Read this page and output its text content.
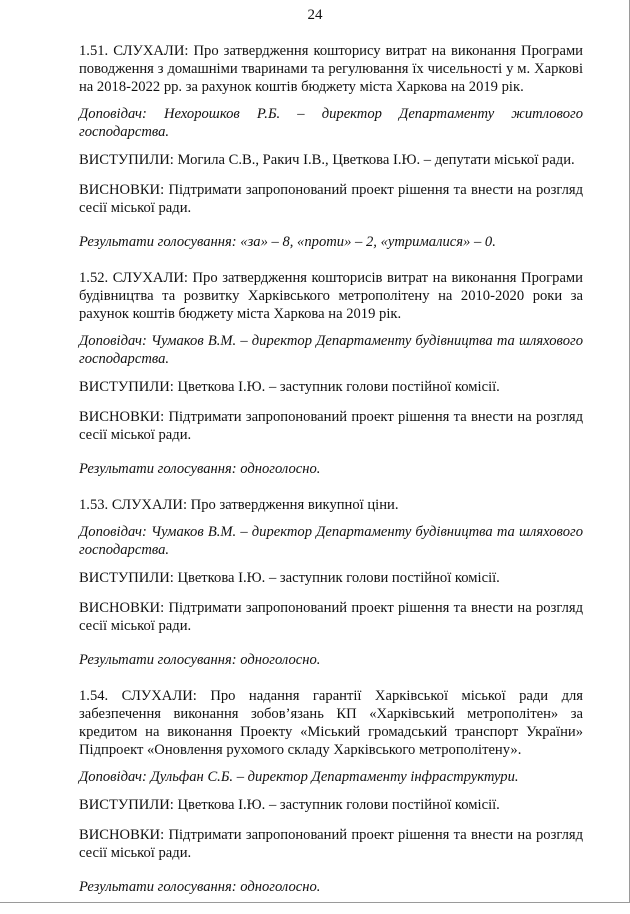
24

1.51. СЛУХАЛИ: Про затвердження кошторису витрат на виконання Програми поводження з домашніми тваринами та регулювання їх чисельності у м. Харкові на 2018-2022 рр. за рахунок коштів бюджету міста Харкова на 2019 рік.

Доповідач: Нехорошков Р.Б. – директор Департаменту житлового господарства.

ВИСТУПИЛИ: Могила С.В., Ракич І.В., Цветкова І.Ю. – депутати міської ради.

ВИСНОВКИ: Підтримати запропонований проект рішення та внести на розгляд сесії міської ради.

Результати голосування: «за» – 8, «проти» – 2, «утрималися» – 0.

1.52. СЛУХАЛИ: Про затвердження кошторисів витрат на виконання Програми будівництва та розвитку Харківського метрополітену на 2010-2020 роки за рахунок коштів бюджету міста Харкова на 2019 рік.

Доповідач: Чумаков В.М. – директор Департаменту будівництва та шляхового господарства.

ВИСТУПИЛИ: Цветкова І.Ю. – заступник голови постійної комісії.

ВИСНОВКИ: Підтримати запропонований проект рішення та внести на розгляд сесії міської ради.

Результати голосування: одноголосно.

1.53. СЛУХАЛИ: Про затвердження викупної ціни.

Доповідач: Чумаков В.М. – директор Департаменту будівництва та шляхового господарства.

ВИСТУПИЛИ: Цветкова І.Ю. – заступник голови постійної комісії.

ВИСНОВКИ: Підтримати запропонований проект рішення та внести на розгляд сесії міської ради.

Результати голосування: одноголосно.

1.54. СЛУХАЛИ: Про надання гарантії Харківської міської ради для забезпечення виконання зобов’язань КП «Харківський метрополітен» за кредитом на виконання Проекту «Міський громадський транспорт України» Підпроект «Оновлення рухомого складу Харківського метрополітену».

Доповідач: Дульфан С.Б. – директор Департаменту інфраструктури.

ВИСТУПИЛИ: Цветкова І.Ю. – заступник голови постійної комісії.

ВИСНОВКИ: Підтримати запропонований проект рішення та внести на розгляд сесії міської ради.

Результати голосування: одноголосно.
